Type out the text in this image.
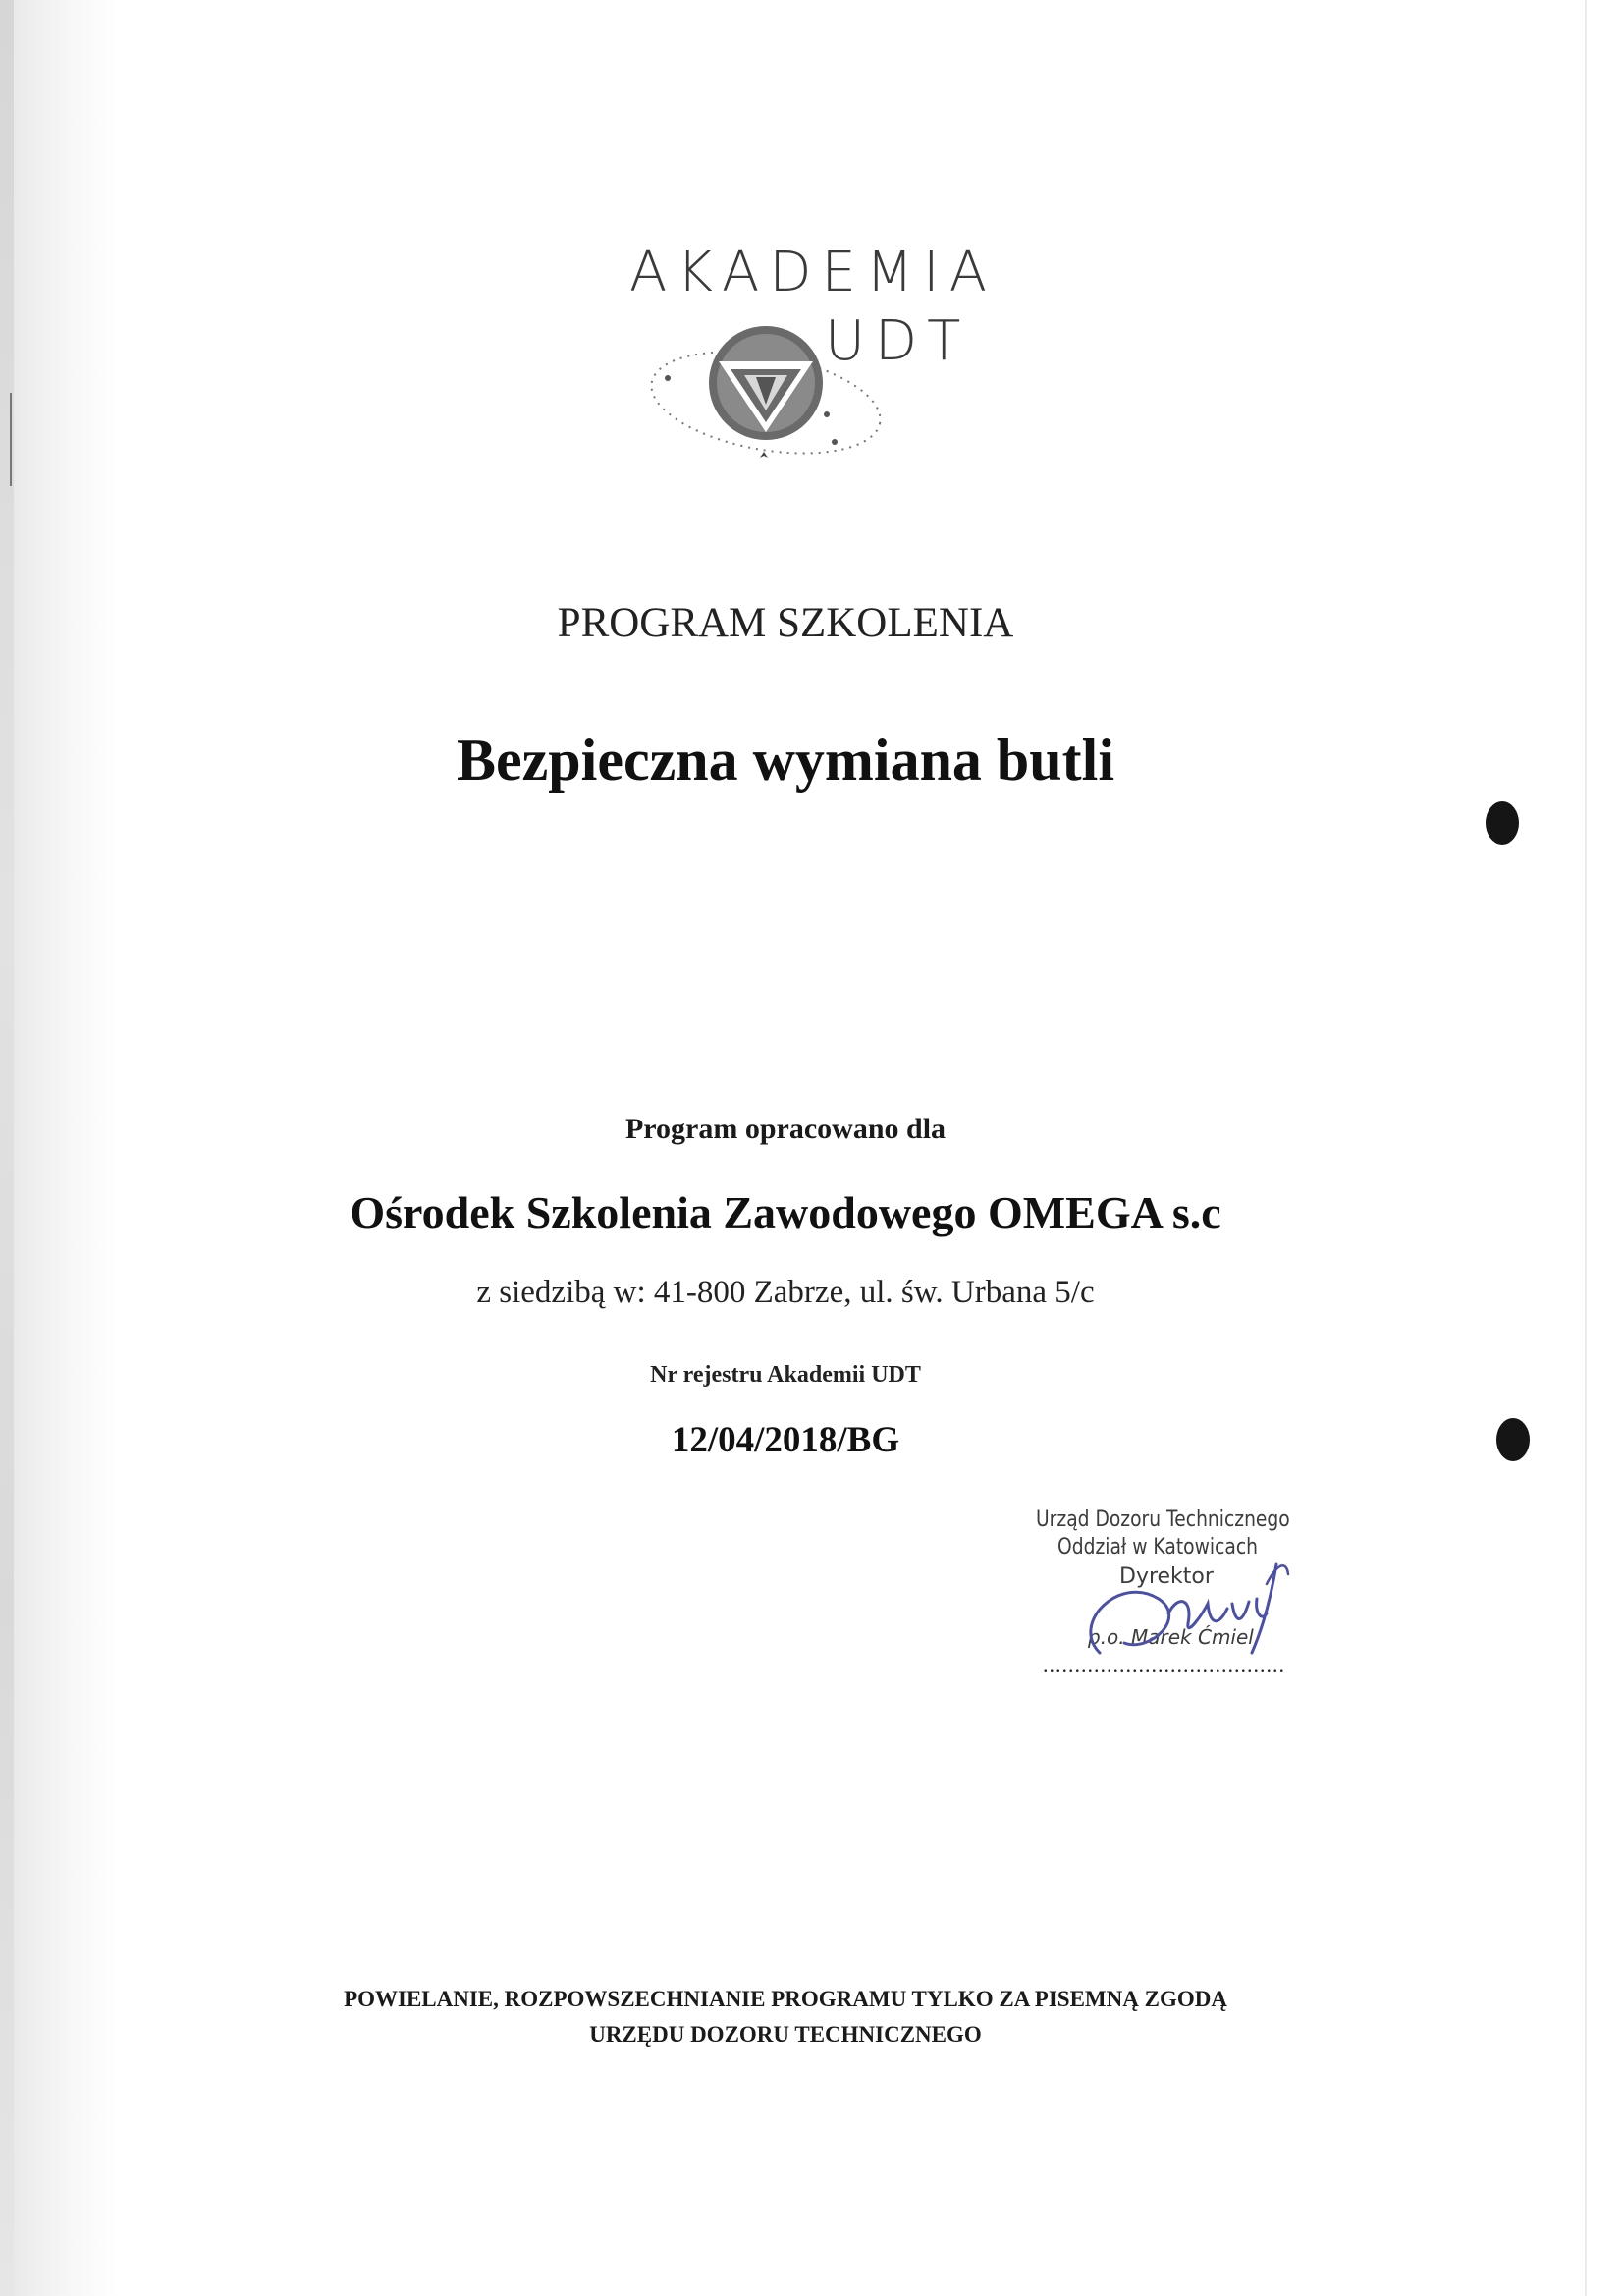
AKADEMIA
UDT
PROGRAM SZKOLENIA
Bezpieczna wymiana butli
Program opracowano dla
Ośrodek Szkolenia Zawodowego OMEGA s.c
z siedzibą w: 41-800 Zabrze, ul. św. Urbana 5/c
Nr rejestru Akademii UDT
12/04/2018/BG
Urząd Dozoru Technicznego
Oddział w Katowicach
Dyrektor
p.o. Marek Ćmiel
......................................
POWIELANIE, ROZPOWSZECHNIANIE PROGRAMU TYLKO ZA PISEMNĄ ZGODĄ
URZĘDU DOZORU TECHNICZNEGO
